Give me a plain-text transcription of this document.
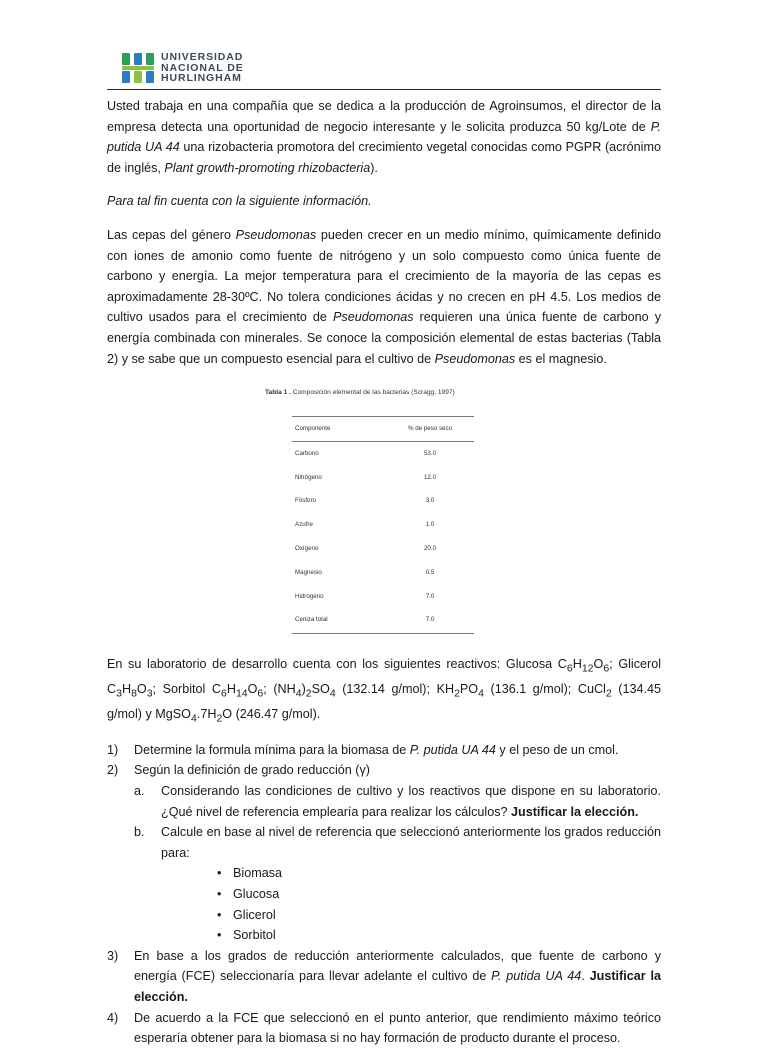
UNIVERSIDAD
NACIONAL DE
HURLINGHAM

Usted trabaja en una compañía que se dedica a la producción de Agroinsumos, el director de la empresa detecta una oportunidad de negocio interesante y le solicita produzca 50 kg/Lote de P. putida UA 44 una rizobacteria promotora del crecimiento vegetal conocidas como PGPR (acrónimo de inglés, Plant growth-promoting rhizobacteria).

Para tal fin cuenta con la siguiente información.

Las cepas del género Pseudomonas pueden crecer en un medio mínimo, químicamente definido con iones de amonio como fuente de nitrógeno y un solo compuesto como única fuente de carbono y energía. La mejor temperatura para el crecimiento de la mayoría de las cepas es aproximadamente 28-30ºC. No tolera condiciones ácidas y no crecen en pH 4.5. Los medios de cultivo usados para el crecimiento de Pseudomonas requieren una única fuente de carbono y energía combinada con minerales. Se conoce la composición elemental de estas bacterias (Tabla 2) y se sabe que un compuesto esencial para el cultivo de Pseudomonas es el magnesio.

Tabla 1 . Composición elemental de las bacterias (Scragg, 1997)
Componente	% de peso seco
Carbono	53.0
Nitrógeno	12.0
Fósforo	3.0
Azufre	1.0
Oxígeno	20.0
Magnesio	0.5
Hidrógeno	7.0
Ceniza total	7.0

En su laboratorio de desarrollo cuenta con los siguientes reactivos: Glucosa $C_6H_{12}O_6$; Glicerol $C_3H_8O_3$; Sorbitol $C_6H_{14}O_6$; $(NH_4)_2SO_4$ (132.14 g/mol); $KH_2PO_4$ (136.1 g/mol); CuCl$_2$ (134.45 g/mol) y $MgSO_4.7H_2O$ (246.47 g/mol).

1) Determine la formula mínima para la biomasa de P. putida UA 44 y el peso de un cmol.
2) Según la definición de grado reducción (γ)
a. Considerando las condiciones de cultivo y los reactivos que dispone en su laboratorio. ¿Qué nivel de referencia emplearía para realizar los cálculos? Justificar la elección.
b. Calcule en base al nivel de referencia que seleccionó anteriormente los grados reducción para:
• Biomasa
• Glucosa
• Glicerol
• Sorbitol
3) En base a los grados de reducción anteriormente calculados, que fuente de carbono y energía (FCE) seleccionaría para llevar adelante el cultivo de P. putida UA 44. Justificar la elección.
4) De acuerdo a la FCE que seleccionó en el punto anterior, que rendimiento máximo teórico esperaría obtener para la biomasa si no hay formación de producto durante el proceso.
